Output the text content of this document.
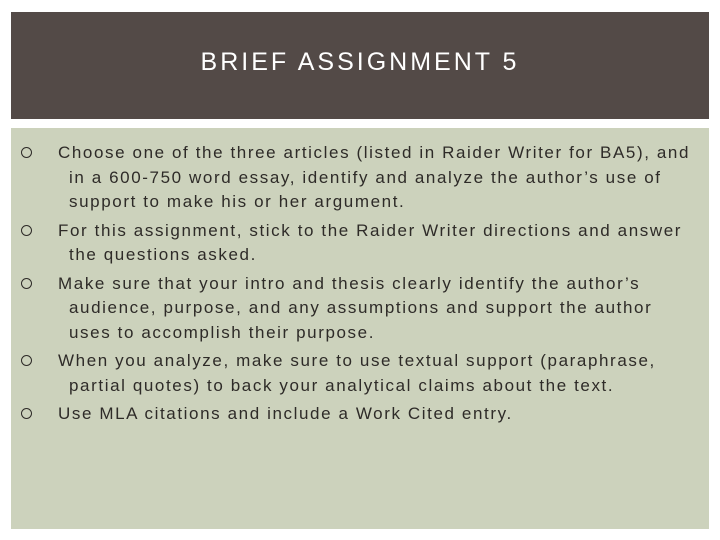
BRIEF ASSIGNMENT 5
Choose one of the three articles (listed in Raider Writer for BA5), and in a 600-750 word essay, identify and analyze the author’s use of support to make his or her argument.
For this assignment, stick to the Raider Writer directions and answer the questions asked.
Make sure that your intro and thesis clearly identify the author’s audience, purpose, and any assumptions and support the author uses to accomplish their purpose.
When you analyze, make sure to use textual support (paraphrase, partial quotes) to back your analytical claims about the text.
Use MLA citations and include a Work Cited entry.
